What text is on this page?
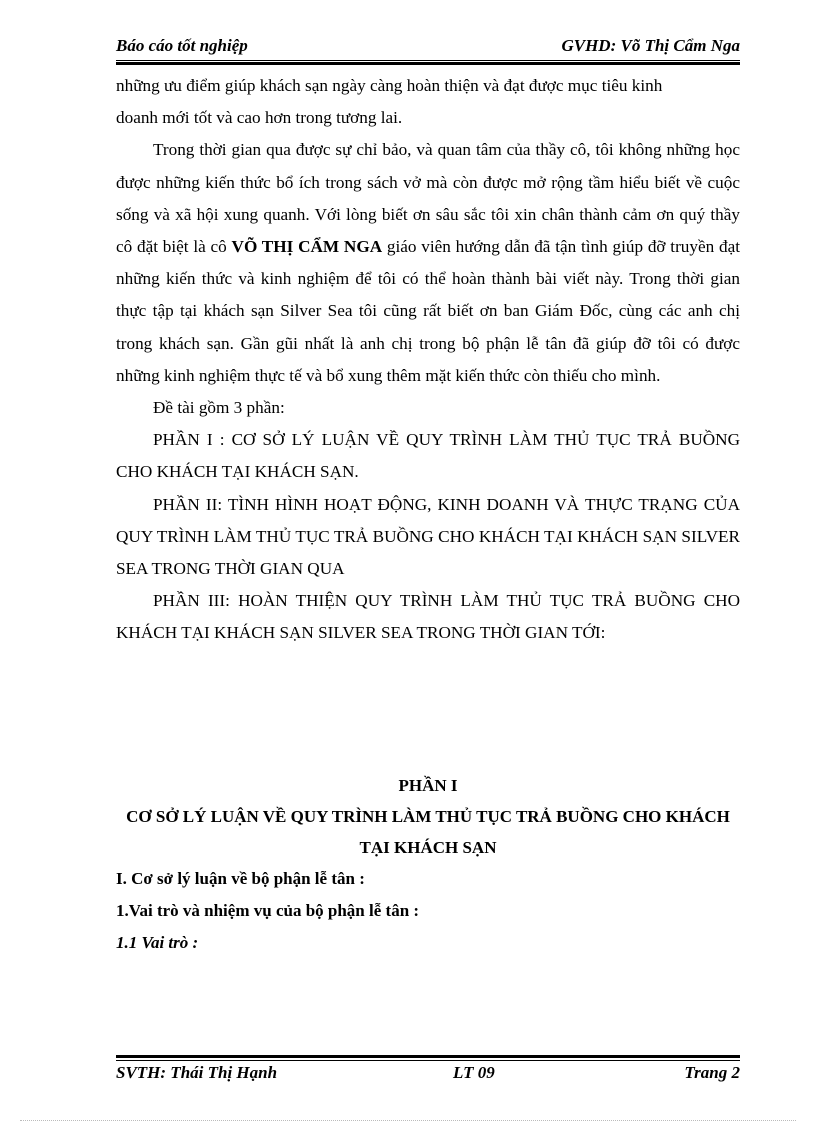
Báo cáo tốt nghiệp	GVHD: Võ Thị Cẩm Nga

những ưu điểm giúp khách sạn ngày càng hoàn thiện và đạt được mục tiêu kinh

doanh mới tốt và cao hơn trong tương lai.

Trong thời gian qua được sự chỉ bảo, và quan tâm của thầy cô, tôi không những học được những kiến thức bổ ích trong sách vở mà còn được mở rộng tầm hiểu biết về cuộc sống và xã hội xung quanh. Với lòng biết ơn sâu sắc tôi xin chân thành cảm ơn quý thầy cô đặt biệt là cô VÕ THỊ CẨM NGA giáo viên hướng dẫn đã tận tình giúp đỡ truyền đạt những kiến thức và kinh nghiệm để tôi có thể hoàn thành bài viết này. Trong thời gian thực tập tại khách sạn Silver Sea tôi cũng rất biết ơn ban Giám Đốc, cùng các anh chị trong khách sạn. Gần gũi nhất là anh chị trong bộ phận lễ tân đã giúp đỡ tôi có được những kinh nghiệm thực tế và bổ xung thêm mặt kiến thức còn thiếu cho mình.

Đề tài gồm 3 phần:

PHẦN I : CƠ SỞ LÝ LUẬN VỀ QUY TRÌNH LÀM THỦ TỤC TRẢ BUỒNG CHO KHÁCH TẠI KHÁCH SẠN.

PHẦN II: TÌNH HÌNH HOẠT ĐỘNG, KINH DOANH VÀ THỰC TRẠNG CỦA QUY TRÌNH LÀM THỦ TỤC TRẢ BUỒNG CHO KHÁCH TẠI KHÁCH SẠN SILVER SEA TRONG THỜI GIAN QUA

PHẦN III: HOÀN THIỆN QUY TRÌNH LÀM THỦ TỤC TRẢ BUỒNG CHO KHÁCH TẠI KHÁCH SẠN SILVER SEA TRONG THỜI GIAN TỚI:

PHẦN I

CƠ SỞ LÝ LUẬN VỀ QUY TRÌNH LÀM THỦ TỤC TRẢ BUỒNG CHO KHÁCH TẠI KHÁCH SẠN

I. Cơ sở lý luận về bộ phận lễ tân :

1.Vai trò và nhiệm vụ của bộ phận lễ tân :

1.1 Vai trò :

SVTH: Thái Thị Hạnh	LT 09	Trang 2
